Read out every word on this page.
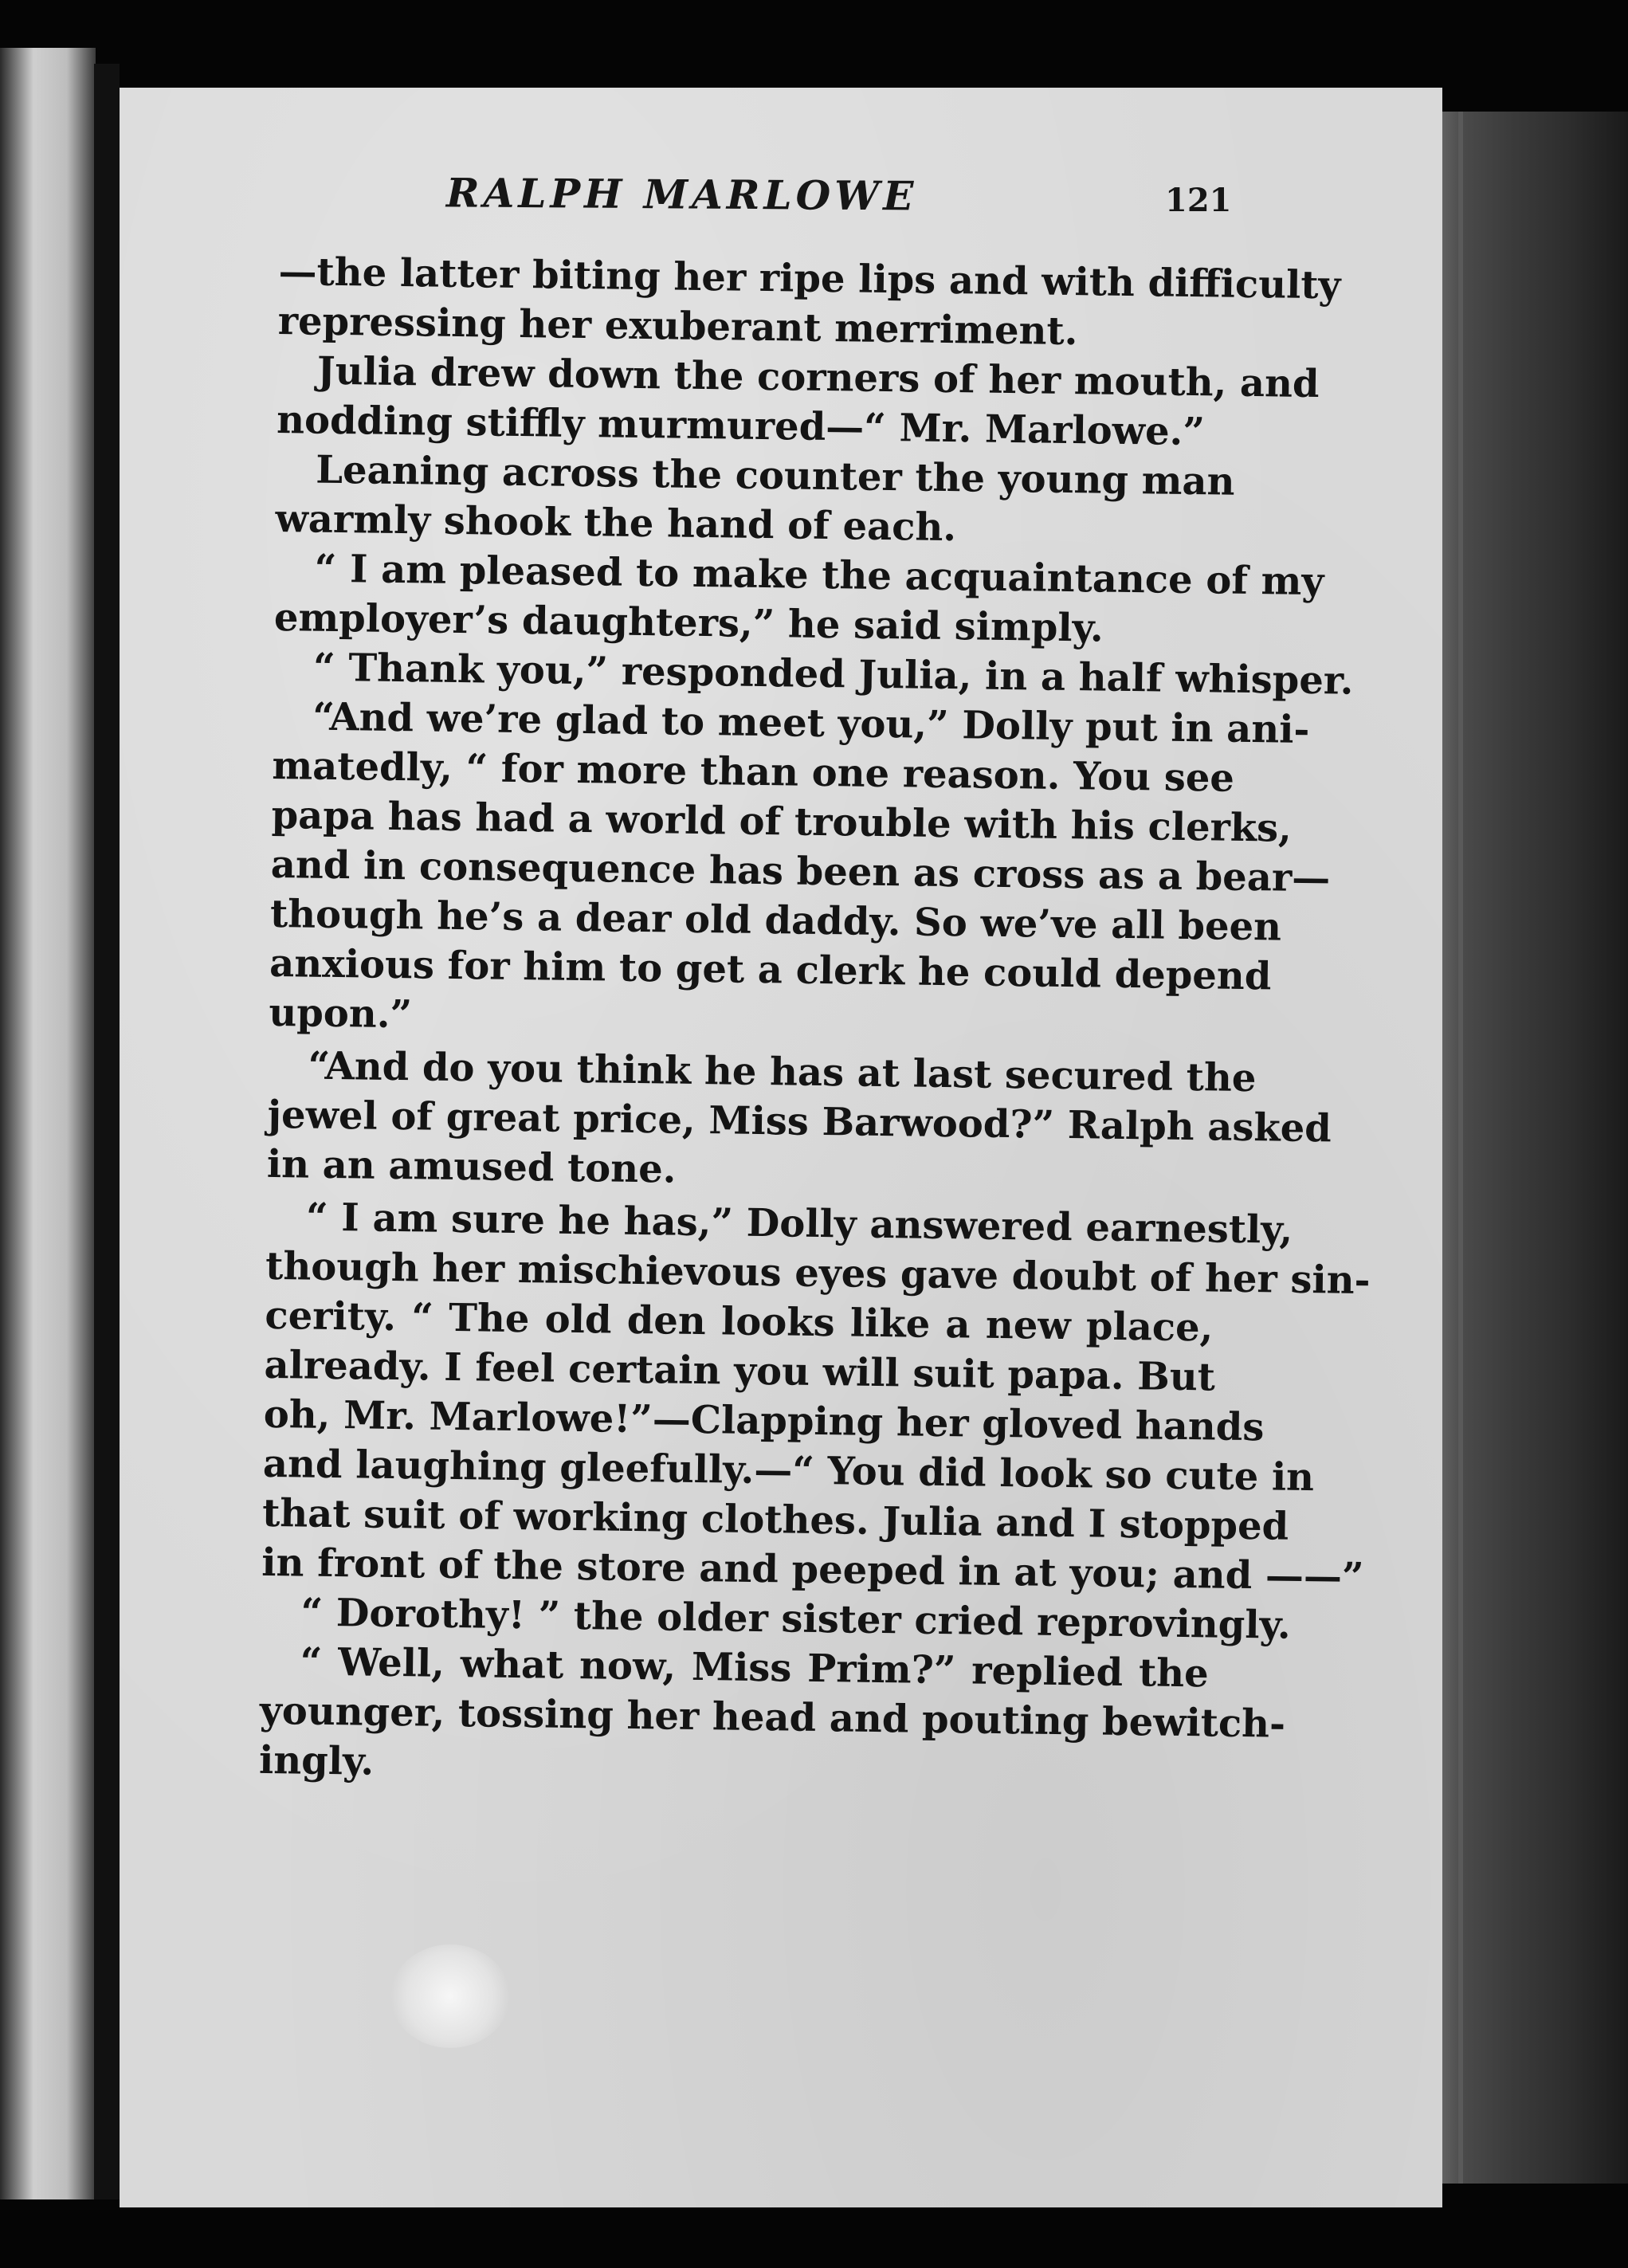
RALPH MARLOWE	121
—the latter biting her ripe lips and with difficulty
repressing her exuberant merriment.
Julia drew down the corners of her mouth, and
nodding stiffly murmured—“ Mr. Marlowe.”
Leaning across the counter the young man
warmly shook the hand of each.
“ I am pleased to make the acquaintance of my
employer’s daughters,” he said simply.
“ Thank you,” responded Julia, in a half whisper.
“And we’re glad to meet you,” Dolly put in ani-
matedly, “ for more than one reason. You see
papa has had a world of trouble with his clerks,
and in consequence has been as cross as a bear—
though he’s a dear old daddy. So we’ve all been
anxious for him to get a clerk he could depend
upon.”
“And do you think he has at last secured the
jewel of great price, Miss Barwood?” Ralph asked
in an amused tone.
“ I am sure he has,” Dolly answered earnestly,
though her mischievous eyes gave doubt of her sin-
cerity. “ The old den looks like a new place,
already. I feel certain you will suit papa. But
oh, Mr. Marlowe!”—Clapping her gloved hands
and laughing gleefully.—“ You did look so cute in
that suit of working clothes. Julia and I stopped
in front of the store and peeped in at you; and ——”
“ Dorothy! ” the older sister cried reprovingly.
“ Well, what now, Miss Prim?” replied the
younger, tossing her head and pouting bewitch-
ingly.
